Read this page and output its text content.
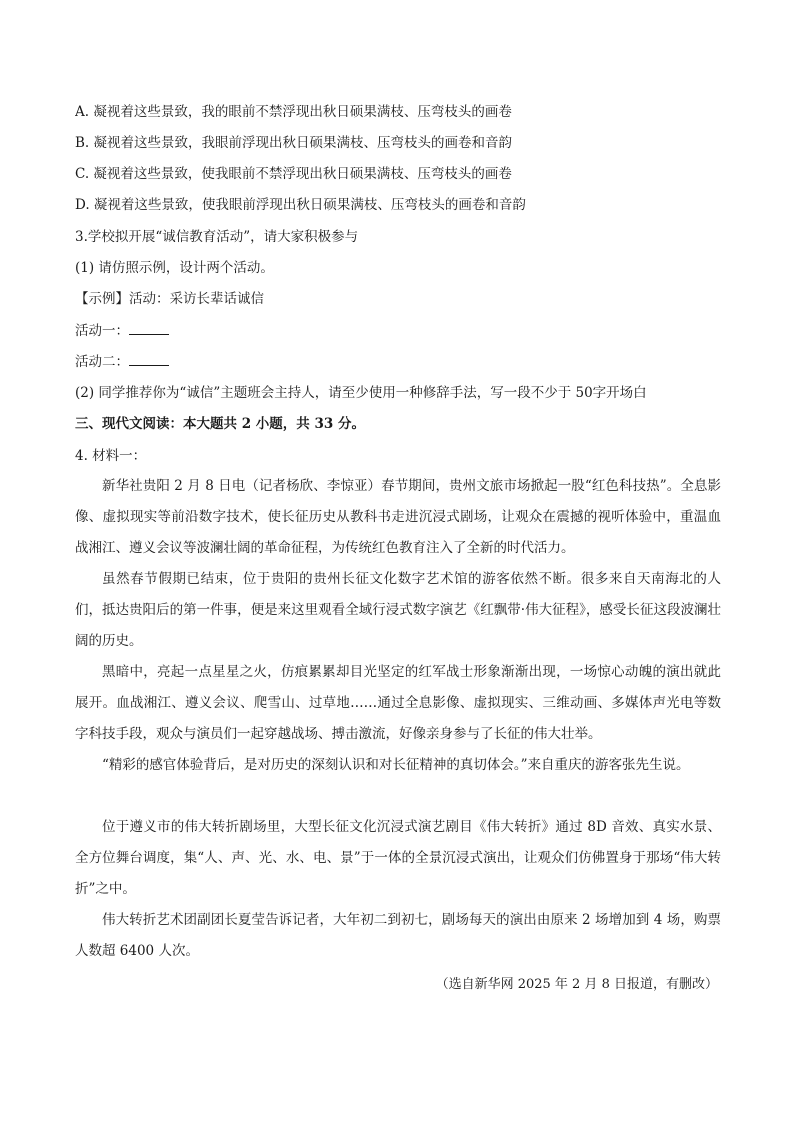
A. 凝视着这些景致，我的眼前不禁浮现出秋日硕果满枝、压弯枝头的画卷
B. 凝视着这些景致，我眼前浮现出秋日硕果满枝、压弯枝头的画卷和音韵
C. 凝视着这些景致，使我眼前不禁浮现出秋日硕果满枝、压弯枝头的画卷
D. 凝视着这些景致，使我眼前浮现出秋日硕果满枝、压弯枝头的画卷和音韵
3.学校拟开展“诚信教育活动”，请大家积极参与
(1) 请仿照示例，设计两个活动。
【示例】活动：采访长辈话诚信
活动一：
活动二：
(2) 同学推荐你为“诚信”主题班会主持人，请至少使用一种修辞手法，写一段不少于 50字开场白
三、现代文阅读：本大题共 2 小题，共 33 分。
4. 材料一：
新华社贵阳 2 月 8 日电（记者杨欣、李惊亚）春节期间，贵州文旅市场掀起一股“红色科技热”。全息影像、虚拟现实等前沿数字技术，使长征历史从教科书走进沉浸式剧场，让观众在震撼的视听体验中，重温血战湘江、遵义会议等波澜壮阔的革命征程，为传统红色教育注入了全新的时代活力。
虽然春节假期已结束，位于贵阳的贵州长征文化数字艺术馆的游客依然不断。很多来自天南海北的人们，抵达贵阳后的第一件事，便是来这里观看全域行浸式数字演艺《红飘带·伟大征程》，感受长征这段波澜壮阔的历史。
黑暗中，亮起一点星星之火，仿痕累累却目光坚定的红军战士形象渐渐出现，一场惊心动魄的演出就此展开。血战湘江、遵义会议、爬雪山、过草地……通过全息影像、虚拟现实、三维动画、多媒体声光电等数字科技手段，观众与演员们一起穿越战场、搏击激流，好像亲身参与了长征的伟大壮举。
“精彩的感官体验背后，是对历史的深刻认识和对长征精神的真切体会。”来自重庆的游客张先生说。
位于遵义市的伟大转折剧场里，大型长征文化沉浸式演艺剧目《伟大转折》通过 8D 音效、真实水景、全方位舞台调度，集“人、声、光、水、电、景”于一体的全景沉浸式演出，让观众们仿佛置身于那场“伟大转折”之中。
伟大转折艺术团副团长夏莹告诉记者，大年初二到初七，剧场每天的演出由原来 2 场增加到 4 场，购票人数超 6400 人次。
（选自新华网 2025 年 2 月 8 日报道，有删改）
